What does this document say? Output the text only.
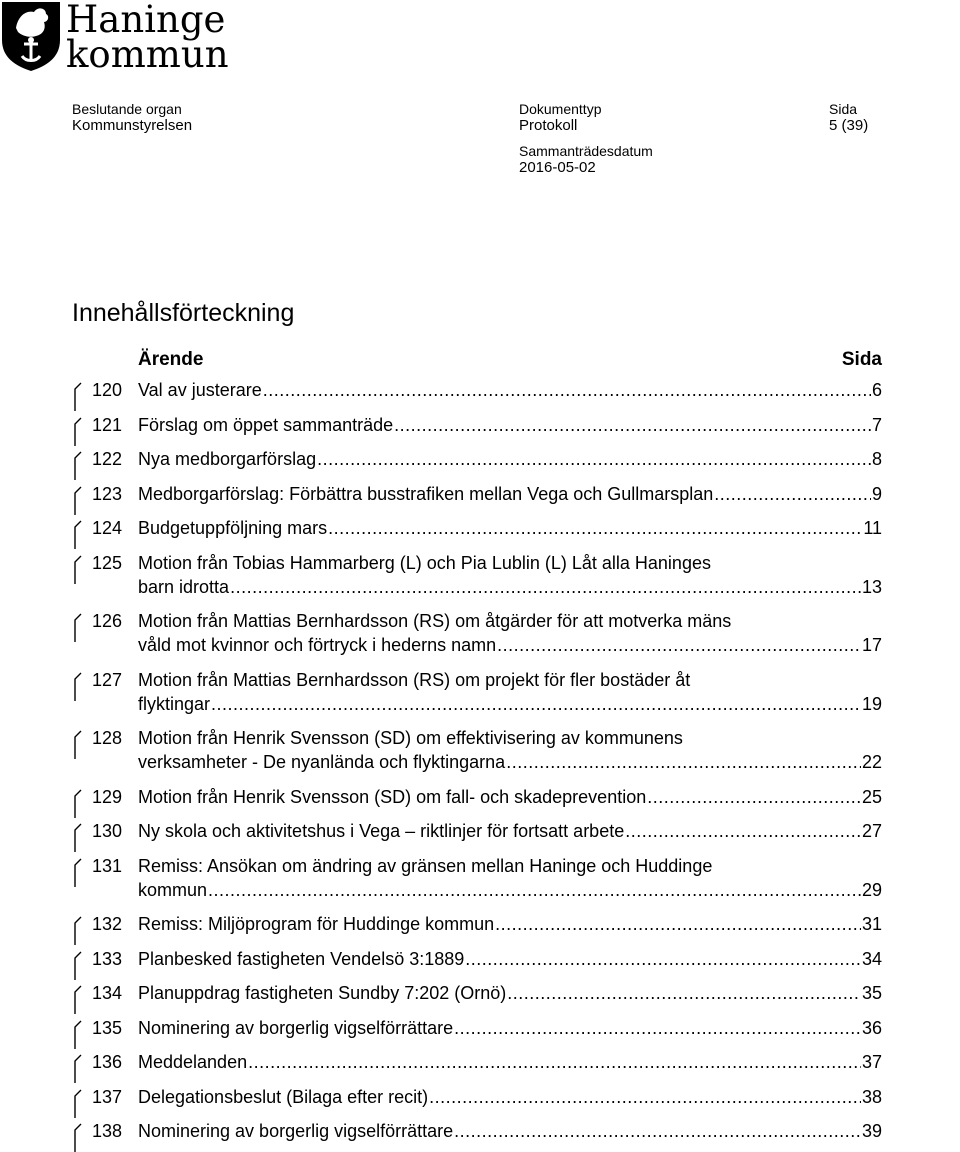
Haninge
kommun
Beslutande organ
Kommunstyrelsen
Dokumenttyp
Protokoll
Sida
5 (39)
Sammanträdesdatum
2016-05-02
Innehållsförteckning
Ärende	Sida
120 Val av justerare .....	6
121 Förslag om öppet sammanträde .....	7
122 Nya medborgarförslag .....	8
123 Medborgarförslag: Förbättra busstrafiken mellan Vega och Gullmarsplan .....	9
124 Budgetuppföljning mars .....	11
125 Motion från Tobias Hammarberg (L) och Pia Lublin (L) Låt alla Haninges
barn idrotta .....	13
126 Motion från Mattias Bernhardsson (RS) om åtgärder för att motverka mäns
våld mot kvinnor och förtryck i hederns namn .....	17
127 Motion från Mattias Bernhardsson (RS) om projekt för fler bostäder åt
flyktingar .....	19
128 Motion från Henrik Svensson (SD) om effektivisering av kommunens
verksamheter - De nyanlända och flyktingarna .....	22
129 Motion från Henrik Svensson (SD) om fall- och skadeprevention .....	25
130 Ny skola och aktivitetshus i Vega – riktlinjer för fortsatt arbete .....	27
131 Remiss: Ansökan om ändring av gränsen mellan Haninge och Huddinge
kommun .....	29
132 Remiss: Miljöprogram för Huddinge kommun .....	31
133 Planbesked fastigheten Vendelsö 3:1889 .....	34
134 Planuppdrag fastigheten Sundby 7:202 (Ornö) .....	35
135 Nominering av borgerlig vigselförrättare .....	36
136 Meddelanden .....	37
137 Delegationsbeslut (Bilaga efter recit) .....	38
138 Nominering av borgerlig vigselförrättare .....	39
